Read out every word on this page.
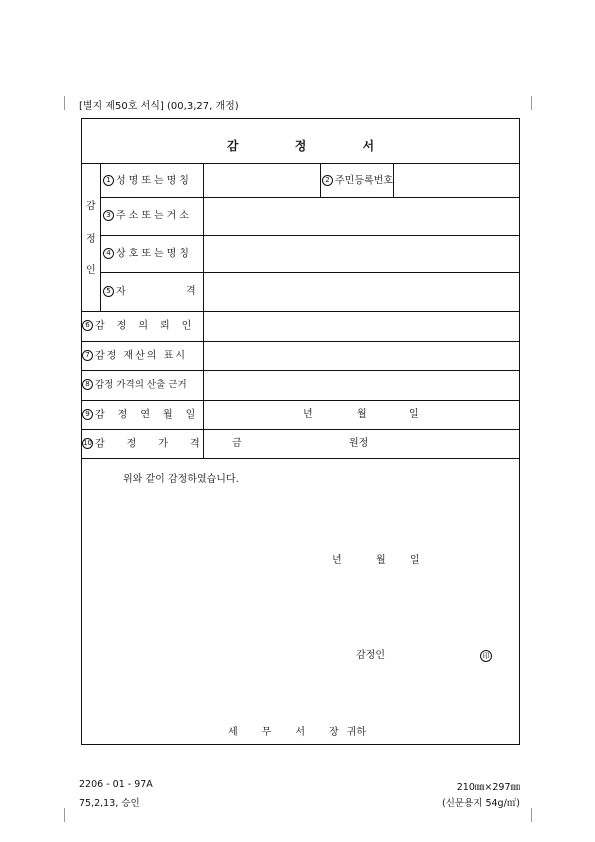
[별지 제50호 서식] (00,3,27, 개정)
감	정	서
감
정
인
1 성명또는명칭	2 주민등록번호
3 주소또는거소
4 상호또는명칭
5 자	격
6 감정의뢰인
7 감정 재산의 표시
8 감정 가격의 산출 근거
9 감정연월일	년	월	일
10 감정가격 금	원정
위와 같이 감정하였습니다.
년	월 일
감정인	印
세 무 서 장 귀하
2206 - 01 - 97A	210㎜×297㎜
75,2,13, 승인	(신문용지 54g/㎡)
